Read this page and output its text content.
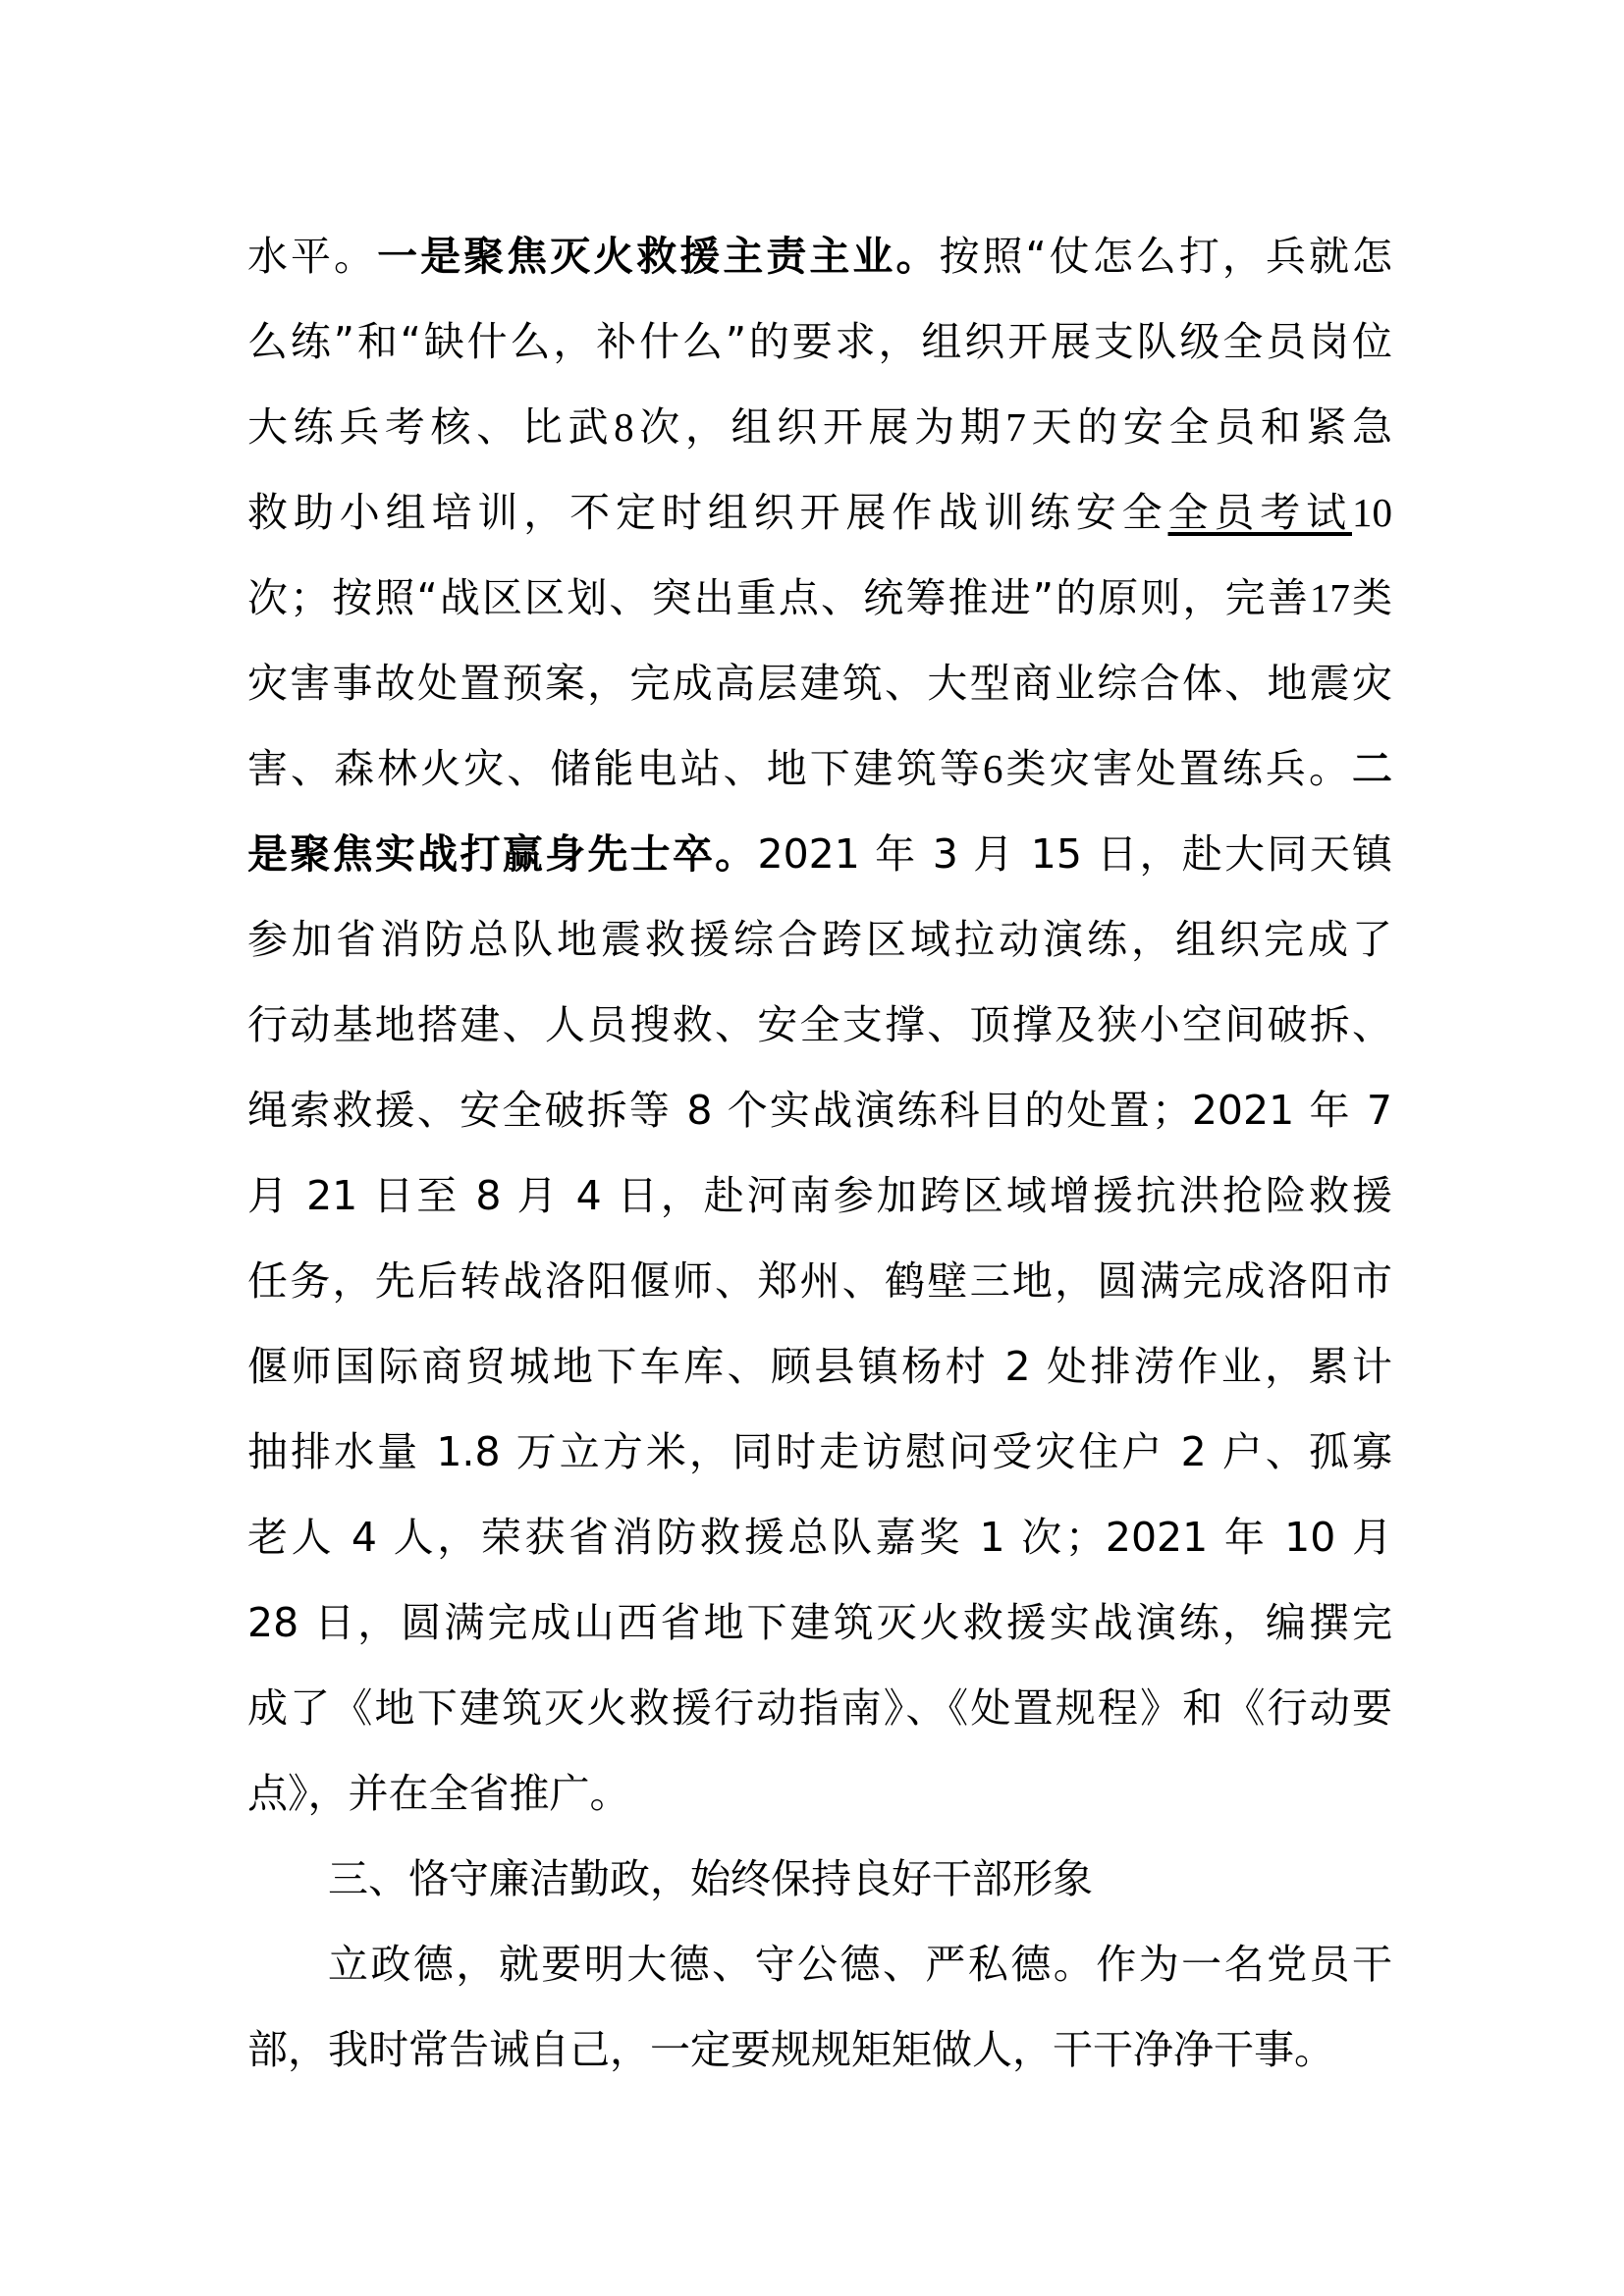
水平。一是聚焦灭火救援主责主业。按照“仗怎么打，兵就怎
么练”和“缺什么，补什么”的要求，组织开展支队级全员岗位
大练兵考核、比武8次，组织开展为期7天的安全员和紧急
救助小组培训，不定时组织开展作战训练安全全员考试10
次；按照“战区区划、突出重点、统筹推进”的原则，完善17类
灾害事故处置预案，完成高层建筑、大型商业综合体、地震灾
害、森林火灾、储能电站、地下建筑等6类灾害处置练兵。二
是聚焦实战打赢身先士卒。2021 年 3 月 15 日，赴大同天镇
参加省消防总队地震救援综合跨区域拉动演练，组织完成了
行动基地搭建、人员搜救、安全支撑、顶撑及狭小空间破拆、
绳索救援、安全破拆等 8 个实战演练科目的处置；2021 年 7
月 21 日至 8 月 4 日，赴河南参加跨区域增援抗洪抢险救援
任务，先后转战洛阳偃师、郑州、鹤壁三地，圆满完成洛阳市
偃师国际商贸城地下车库、顾县镇杨村 2 处排涝作业，累计
抽排水量 1.8 万立方米，同时走访慰问受灾住户 2 户、孤寡
老人 4 人，荣获省消防救援总队嘉奖 1 次；2021 年 10 月
28 日，圆满完成山西省地下建筑灭火救援实战演练，编撰完
成了《地下建筑灭火救援行动指南》、《处置规程》和《行动要
点》，并在全省推广。
三、恪守廉洁勤政，始终保持良好干部形象
立政德，就要明大德、守公德、严私德。作为一名党员干
部，我时常告诫自己，一定要规规矩矩做人，干干净净干事。
